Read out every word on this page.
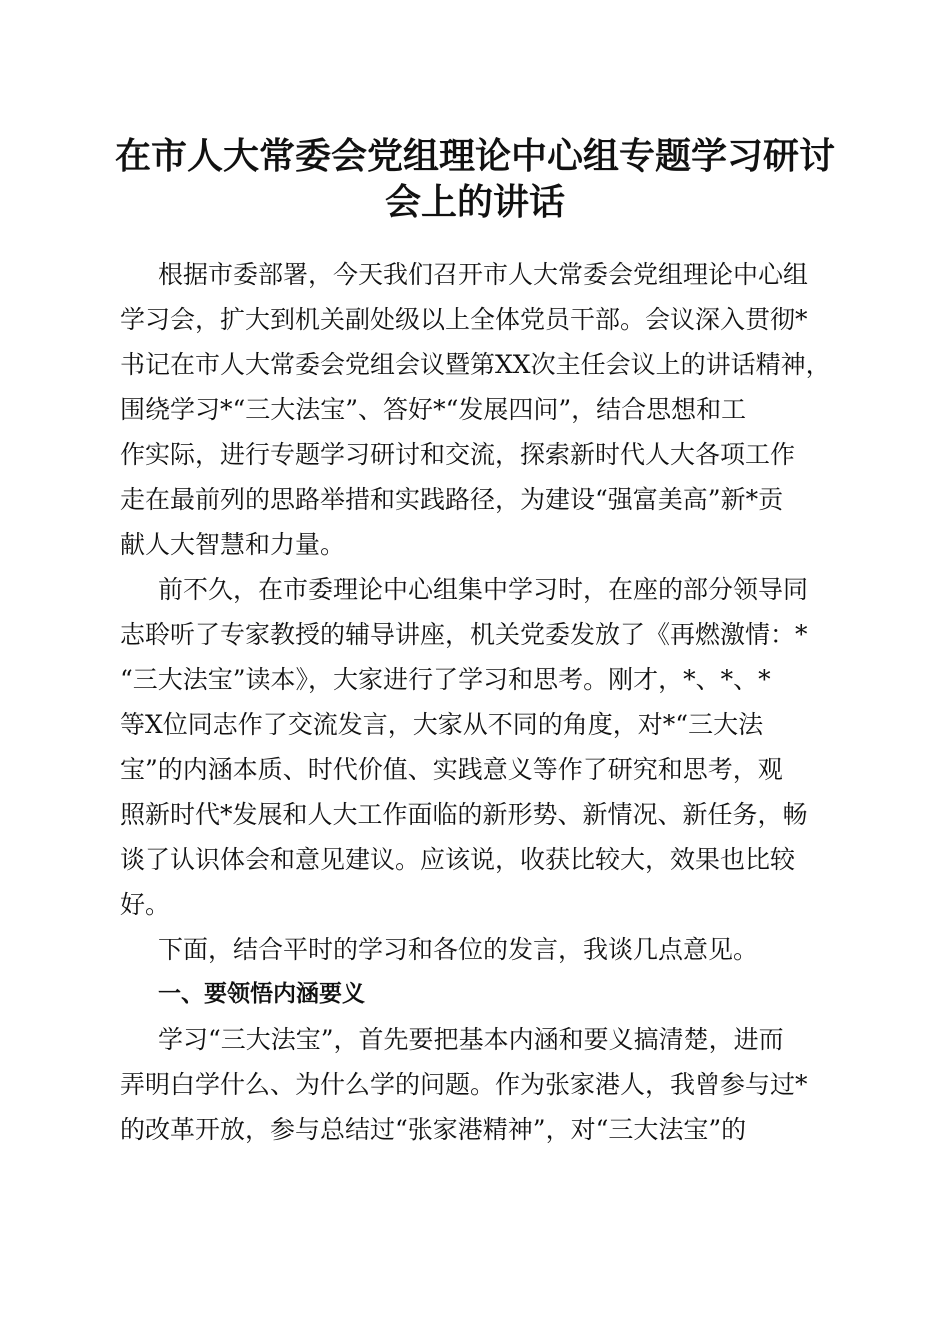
在市人大常委会党组理论中心组专题学习研讨
会上的讲话
根据市委部署，今天我们召开市人大常委会党组理论中心组
学习会，扩大到机关副处级以上全体党员干部。会议深入贯彻*
书记在市人大常委会党组会议暨第XX次主任会议上的讲话精神，
围绕学习*“三大法宝”、答好*“发展四问”，结合思想和工
作实际，进行专题学习研讨和交流，探索新时代人大各项工作
走在最前列的思路举措和实践路径，为建设“强富美高”新*贡
献人大智慧和力量。
前不久，在市委理论中心组集中学习时，在座的部分领导同
志聆听了专家教授的辅导讲座，机关党委发放了《再燃激情：*
“三大法宝”读本》，大家进行了学习和思考。刚才，*、*、*
等X位同志作了交流发言，大家从不同的角度，对*“三大法
宝”的内涵本质、时代价值、实践意义等作了研究和思考，观
照新时代*发展和人大工作面临的新形势、新情况、新任务，畅
谈了认识体会和意见建议。应该说，收获比较大，效果也比较
好。
下面，结合平时的学习和各位的发言，我谈几点意见。
一、要领悟内涵要义
学习“三大法宝”，首先要把基本内涵和要义搞清楚，进而
弄明白学什么、为什么学的问题。作为张家港人，我曾参与过*
的改革开放，参与总结过“张家港精神”，对“三大法宝”的
